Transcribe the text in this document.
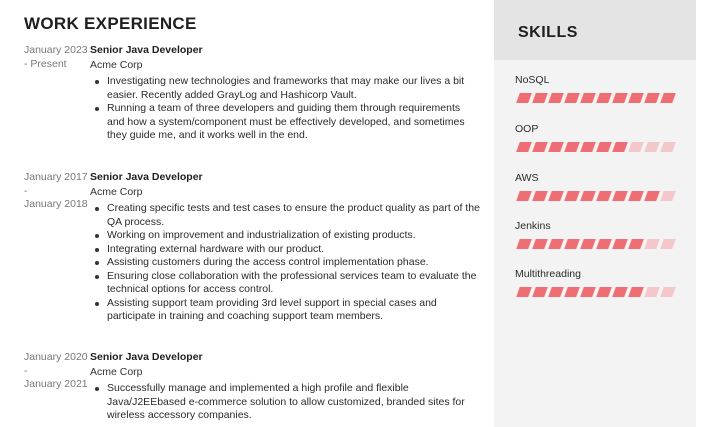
WORK EXPERIENCE
January 2023
- Present
Senior Java Developer
Acme Corp
Investigating new technologies and frameworks that may make our lives a bit easier. Recently added GrayLog and Hashicorp Vault.
Running a team of three developers and guiding them through requirements and how a system/component must be effectively developed, and sometimes they guide me, and it works well in the end.
January 2017
-
January 2018
Senior Java Developer
Acme Corp
Creating specific tests and test cases to ensure the product quality as part of the QA process.
Working on improvement and industrialization of existing products.
Integrating external hardware with our product.
Assisting customers during the access control implementation phase.
Ensuring close collaboration with the professional services team to evaluate the technical options for access control.
Assisting support team providing 3rd level support in special cases and participate in training and coaching support team members.
January 2020
-
January 2021
Senior Java Developer
Acme Corp
Successfully manage and implemented a high profile and flexible Java/J2EEbased e-commerce solution to allow customized, branded sites for wireless accessory companies.
SKILLS
NoSQL
OOP
AWS
Jenkins
Multithreading
